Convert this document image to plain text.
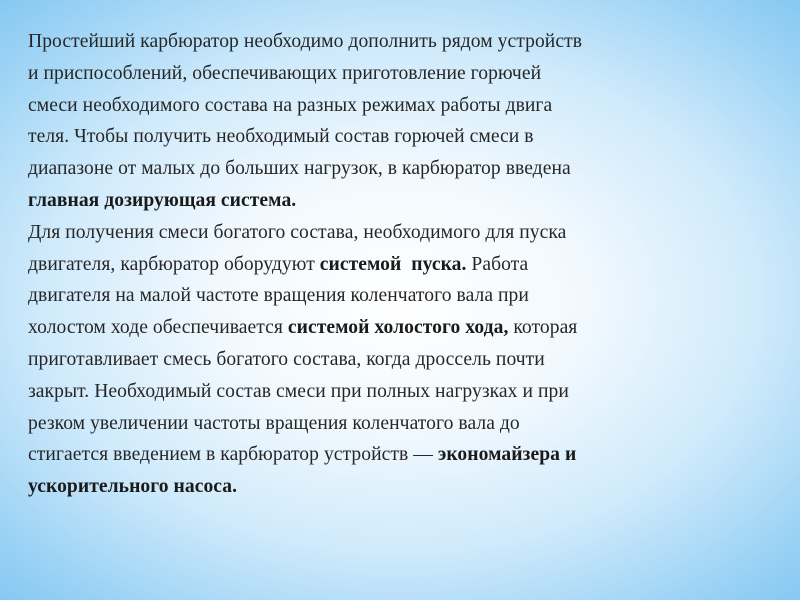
Простейший карбюратор необходимо дополнить рядом устройств
и приспособлений, обеспечивающих приготовление горючей
смеси необходимого состава на разных режимах работы двига
теля. Чтобы получить необходимый состав горючей смеси в
диапазоне от малых до больших нагрузок, в карбюратор введена
главная дозирующая система.
Для получения смеси богатого состава, необходимого для пуска
двигателя, карбюратор оборудуют системой  пуска. Работа
двигателя на малой частоте вращения коленчатого вала при
холостом ходе обеспечивается системой холостого хода, которая
приготавливает смесь богатого состава, когда дроссель почти
закрыт. Необходимый состав смеси при полных нагрузках и при
резком увеличении частоты вращения коленчатого вала до
стигается введением в карбюратор устройств — экономайзера и
ускорительного насоса.
